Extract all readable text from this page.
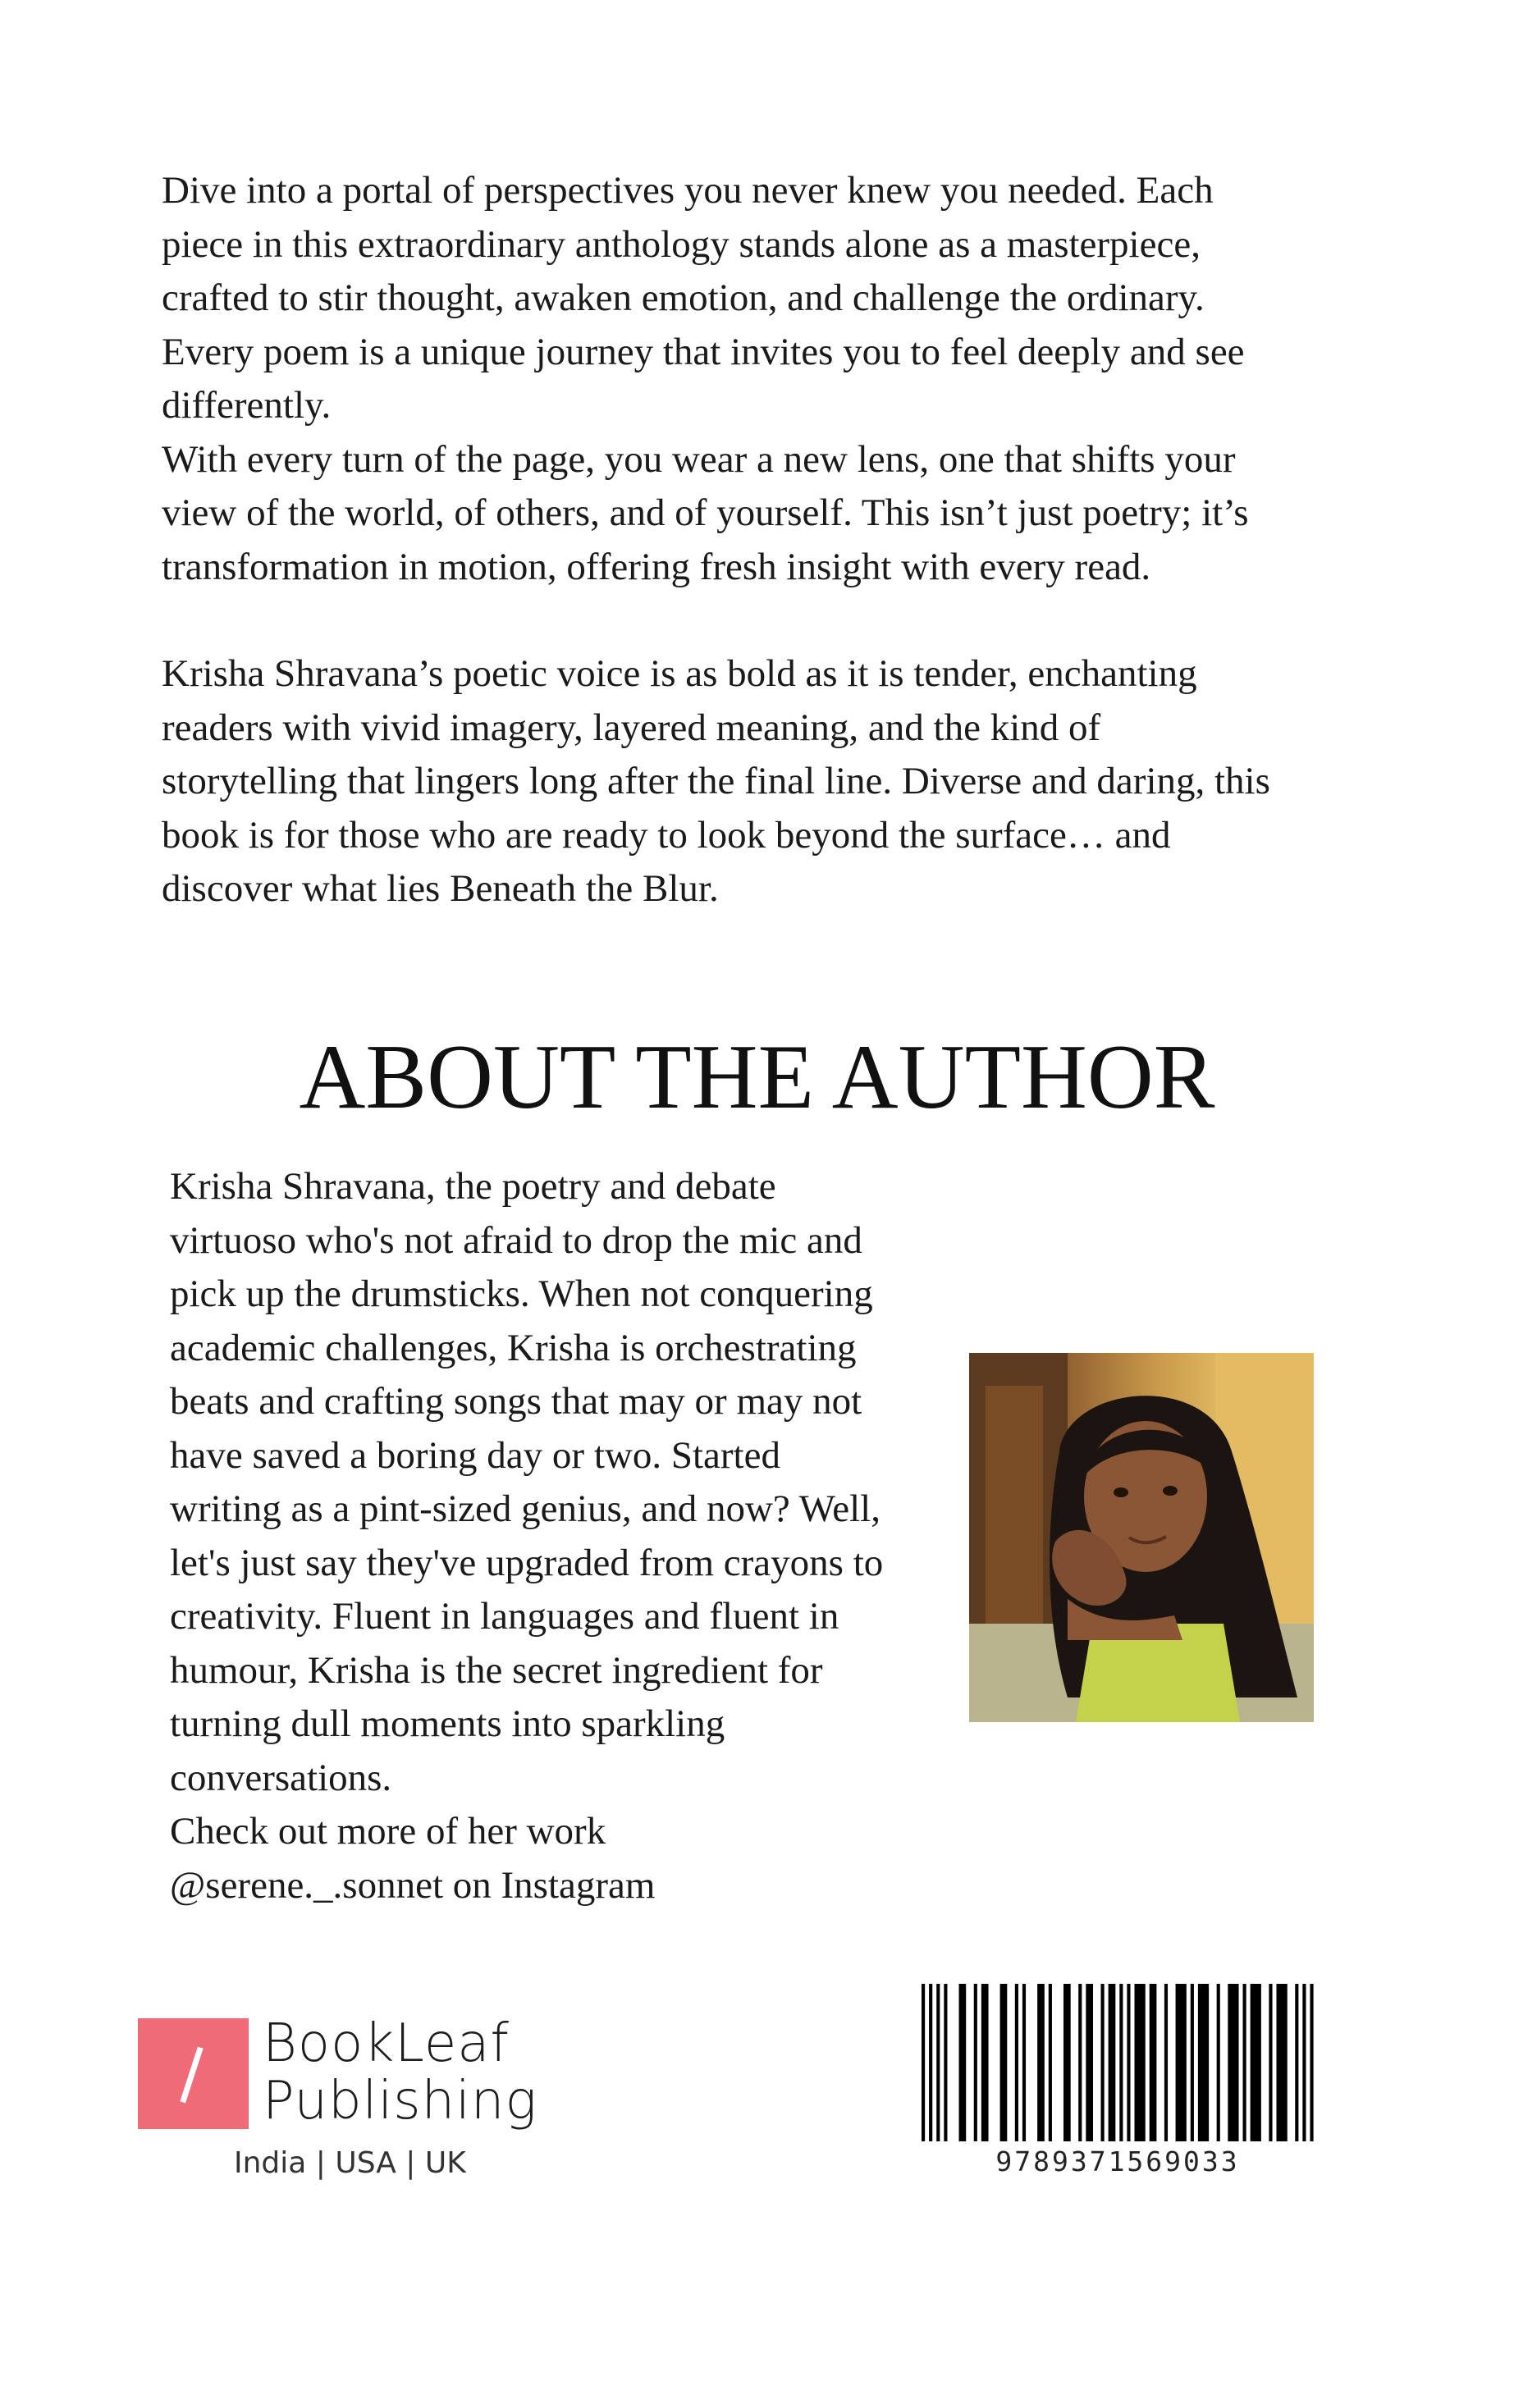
Dive into a portal of perspectives you never knew you needed. Each piece in this extraordinary anthology stands alone as a masterpiece, crafted to stir thought, awaken emotion, and challenge the ordinary. Every poem is a unique journey that invites you to feel deeply and see differently.

With every turn of the page, you wear a new lens, one that shifts your view of the world, of others, and of yourself. This isn’t just poetry; it’s transformation in motion, offering fresh insight with every read.

Krisha Shravana’s poetic voice is as bold as it is tender, enchanting readers with vivid imagery, layered meaning, and the kind of storytelling that lingers long after the final line. Diverse and daring, this book is for those who are ready to look beyond the surface… and discover what lies Beneath the Blur.

ABOUT THE AUTHOR

Krisha Shravana, the poetry and debate virtuoso who's not afraid to drop the mic and pick up the drumsticks. When not conquering academic challenges, Krisha is orchestrating beats and crafting songs that may or may not have saved a boring day or two. Started writing as a pint-sized genius, and now? Well, let's just say they've upgraded from crayons to creativity. Fluent in languages and fluent in humour, Krisha is the secret ingredient for turning dull moments into sparkling conversations.

Check out more of her work

@serene._.sonnet on Instagram

BookLeaf
Publishing
India | USA | UK	9789371569033
